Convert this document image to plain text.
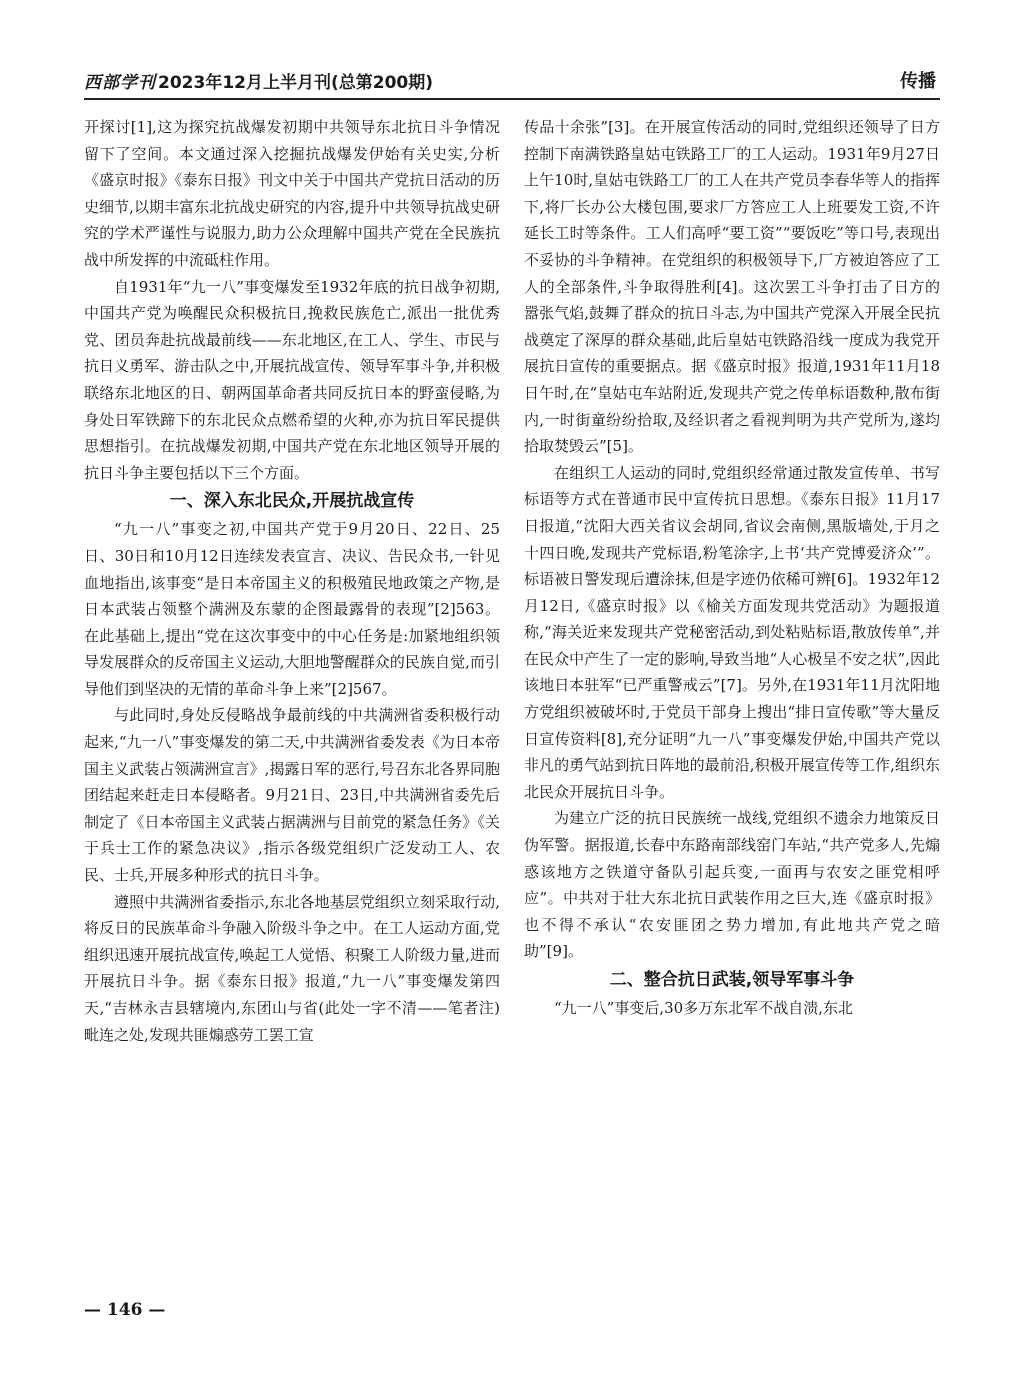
西部学刊 2023年12月上半月刊(总第200期)	传播

开探讨[1],这为探究抗战爆发初期中共领导东北抗日斗争情况留下了空间。本文通过深入挖掘抗战爆发伊始有关史实,分析《盛京时报》《泰东日报》刊文中关于中国共产党抗日活动的历史细节,以期丰富东北抗战史研究的内容,提升中共领导抗战史研究的学术严谨性与说服力,助力公众理解中国共产党在全民族抗战中所发挥的中流砥柱作用。

自1931年“九一八”事变爆发至1932年底的抗日战争初期,中国共产党为唤醒民众积极抗日,挽救民族危亡,派出一批优秀党、团员奔赴抗战最前线——东北地区,在工人、学生、市民与抗日义勇军、游击队之中,开展抗战宣传、领导军事斗争,并积极联络东北地区的日、朝两国革命者共同反抗日本的野蛮侵略,为身处日军铁蹄下的东北民众点燃希望的火种,亦为抗日军民提供思想指引。在抗战爆发初期,中国共产党在东北地区领导开展的抗日斗争主要包括以下三个方面。

一、深入东北民众,开展抗战宣传

“九一八”事变之初,中国共产党于9月20日、22日、25日、30日和10月12日连续发表宣言、决议、告民众书,一针见血地指出,该事变“是日本帝国主义的积极殖民地政策之产物,是日本武装占领整个满洲及东蒙的企图最露骨的表现”[2]563。在此基础上,提出“党在这次事变中的中心任务是:加紧地组织领导发展群众的反帝国主义运动,大胆地警醒群众的民族自觉,而引导他们到坚决的无情的革命斗争上来”[2]567。

与此同时,身处反侵略战争最前线的中共满洲省委积极行动起来,“九一八”事变爆发的第二天,中共满洲省委发表《为日本帝国主义武装占领满洲宣言》,揭露日军的恶行,号召东北各界同胞团结起来赶走日本侵略者。9月21日、23日,中共满洲省委先后制定了《日本帝国主义武装占据满洲与目前党的紧急任务》《关于兵士工作的紧急决议》,指示各级党组织广泛发动工人、农民、士兵,开展多种形式的抗日斗争。

遵照中共满洲省委指示,东北各地基层党组织立刻采取行动,将反日的民族革命斗争融入阶级斗争之中。在工人运动方面,党组织迅速开展抗战宣传,唤起工人觉悟、积聚工人阶级力量,进而开展抗日斗争。据《泰东日报》报道,“九一八”事变爆发第四天,“吉林永吉县辖境内,东团山与省(此处一字不清——笔者注)毗连之处,发现共匪煽惑劳工罢工宣

传品十余张”[3]。在开展宣传活动的同时,党组织还领导了日方控制下南满铁路皇姑屯铁路工厂的工人运动。1931年9月27日上午10时,皇姑屯铁路工厂的工人在共产党员李春华等人的指挥下,将厂长办公大楼包围,要求厂方答应工人上班要发工资,不许延长工时等条件。工人们高呼“要工资”“要饭吃”等口号,表现出不妥协的斗争精神。在党组织的积极领导下,厂方被迫答应了工人的全部条件,斗争取得胜利[4]。这次罢工斗争打击了日方的嚣张气焰,鼓舞了群众的抗日斗志,为中国共产党深入开展全民抗战奠定了深厚的群众基础,此后皇姑屯铁路沿线一度成为我党开展抗日宣传的重要据点。据《盛京时报》报道,1931年11月18日午时,在“皇姑屯车站附近,发现共产党之传单标语数种,散布街内,一时街童纷纷拾取,及经识者之看视判明为共产党所为,遂均拾取焚毁云”[5]。

在组织工人运动的同时,党组织经常通过散发宣传单、书写标语等方式在普通市民中宣传抗日思想。《泰东日报》11月17日报道,“沈阳大西关省议会胡同,省议会南侧,黑版墙处,于月之十四日晚,发现共产党标语,粉笔涂字,上书‘共产党博爱济众’”。标语被日警发现后遭涂抹,但是字迹仍依稀可辨[6]。1932年12月12日,《盛京时报》以《榆关方面发现共党活动》为题报道称,“海关近来发现共产党秘密活动,到处粘贴标语,散放传单”,并在民众中产生了一定的影响,导致当地“人心极呈不安之状”,因此该地日本驻军“已严重警戒云”[7]。另外,在1931年11月沈阳地方党组织被破坏时,于党员干部身上搜出“排日宣传歌”等大量反日宣传资料[8],充分证明“九一八”事变爆发伊始,中国共产党以非凡的勇气站到抗日阵地的最前沿,积极开展宣传等工作,组织东北民众开展抗日斗争。

为建立广泛的抗日民族统一战线,党组织不遗余力地策反日伪军警。据报道,长春中东路南部线窑门车站,“共产党多人,先煽惑该地方之铁道守备队引起兵变,一面再与农安之匪党相呼应”。中共对于壮大东北抗日武装作用之巨大,连《盛京时报》也不得不承认“农安匪团之势力增加,有此地共产党之暗助”[9]。

二、整合抗日武装,领导军事斗争

“九一八”事变后,30多万东北军不战自溃,东北

— 146 —
